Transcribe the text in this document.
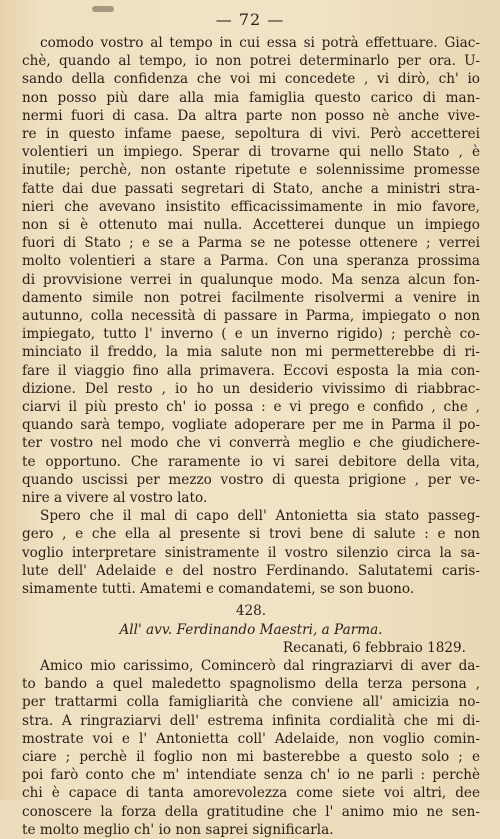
— 72 —
comodo vostro al tempo in cui essa si potrà effettuare. Giac-
chè, quando al tempo, io non potrei determinarlo per ora. U-
sando della confidenza che voi mi concedete , vi dirò, ch' io
non posso più dare alla mia famiglia questo carico di man-
nermi fuori di casa. Da altra parte non posso nè anche vive-
re in questo infame paese, sepoltura di vivi. Però accetterei
volentieri un impiego. Sperar di trovarne qui nello Stato , è
inutile; perchè, non ostante ripetute e solennissime promesse
fatte dai due passati segretari di Stato, anche a ministri stra-
nieri che avevano insistito efficacissimamente in mio favore,
non si è ottenuto mai nulla. Accetterei dunque un impiego
fuori di Stato ; e se a Parma se ne potesse ottenere ; verrei
molto volentieri a stare a Parma. Con una speranza prossima
di provvisione verrei in qualunque modo. Ma senza alcun fon-
damento simile non potrei facilmente risolvermi a venire in
autunno, colla necessità di passare in Parma, impiegato o non
impiegato, tutto l' inverno ( e un inverno rigido) ; perchè co-
minciato il freddo, la mia salute non mi permetterebbe di ri-
fare il viaggio fino alla primavera. Eccovi esposta la mia con-
dizione. Del resto , io ho un desiderio vivissimo di riabbrac-
ciarvi il più presto ch' io possa : e vi prego e confido , che ,
quando sarà tempo, vogliate adoperare per me in Parma il po-
ter vostro nel modo che vi converrà meglio e che giudichere-
te opportuno. Che raramente io vi sarei debitore della vita,
quando uscissi per mezzo vostro di questa prigione , per ve-
nire a vivere al vostro lato.
Spero che il mal di capo dell' Antonietta sia stato passeg-
gero , e che ella al presente si trovi bene di salute : e non
voglio interpretare sinistramente il vostro silenzio circa la sa-
lute dell' Adelaide e del nostro Ferdinando. Salutatemi caris-
simamente tutti. Amatemi e comandatemi, se son buono.
428.
All' avv. Ferdinando Maestri, a Parma.
Recanati, 6 febbraio 1829.
Amico mio carissimo, Comincerò dal ringraziarvi di aver da-
to bando a quel maledetto spagnolismo della terza persona ,
per trattarmi colla famigliarità che conviene all' amicizia no-
stra. A ringraziarvi dell' estrema infinita cordialità che mi di-
mostrate voi e l' Antonietta coll' Adelaide, non voglio comin-
ciare ; perchè il foglio non mi basterebbe a questo solo ; e
poi farò conto che m' intendiate senza ch' io ne parli : perchè
chi è capace di tanta amorevolezza come siete voi altri, dee
conoscere la forza della gratitudine che l' animo mio ne sen-
te molto meglio ch' io non saprei significarla.
